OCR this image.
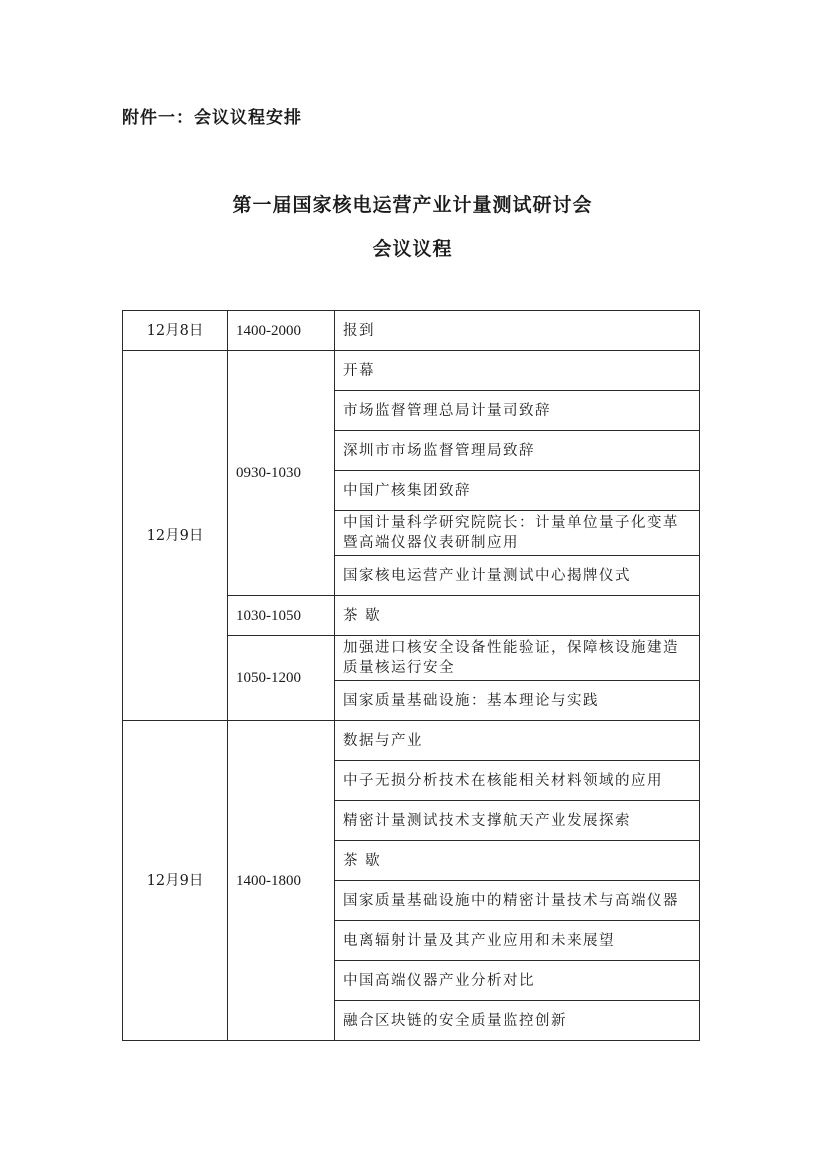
附件一：会议议程安排
第一届国家核电运营产业计量测试研讨会
会议议程
12月8日	1400-2000	报到
12月9日	0930-1030	开幕
		市场监督管理总局计量司致辞
		深圳市市场监督管理局致辞
		中国广核集团致辞
		中国计量科学研究院院长：计量单位量子化变革暨高端仪器仪表研制应用
		国家核电运营产业计量测试中心揭牌仪式
	1030-1050	茶 歇
	1050-1200	加强进口核安全设备性能验证，保障核设施建造质量核运行安全
		国家质量基础设施：基本理论与实践
12月9日	1400-1800	数据与产业
		中子无损分析技术在核能相关材料领域的应用
		精密计量测试技术支撑航天产业发展探索
		茶 歇
		国家质量基础设施中的精密计量技术与高端仪器
		电离辐射计量及其产业应用和未来展望
		中国高端仪器产业分析对比
		融合区块链的安全质量监控创新
